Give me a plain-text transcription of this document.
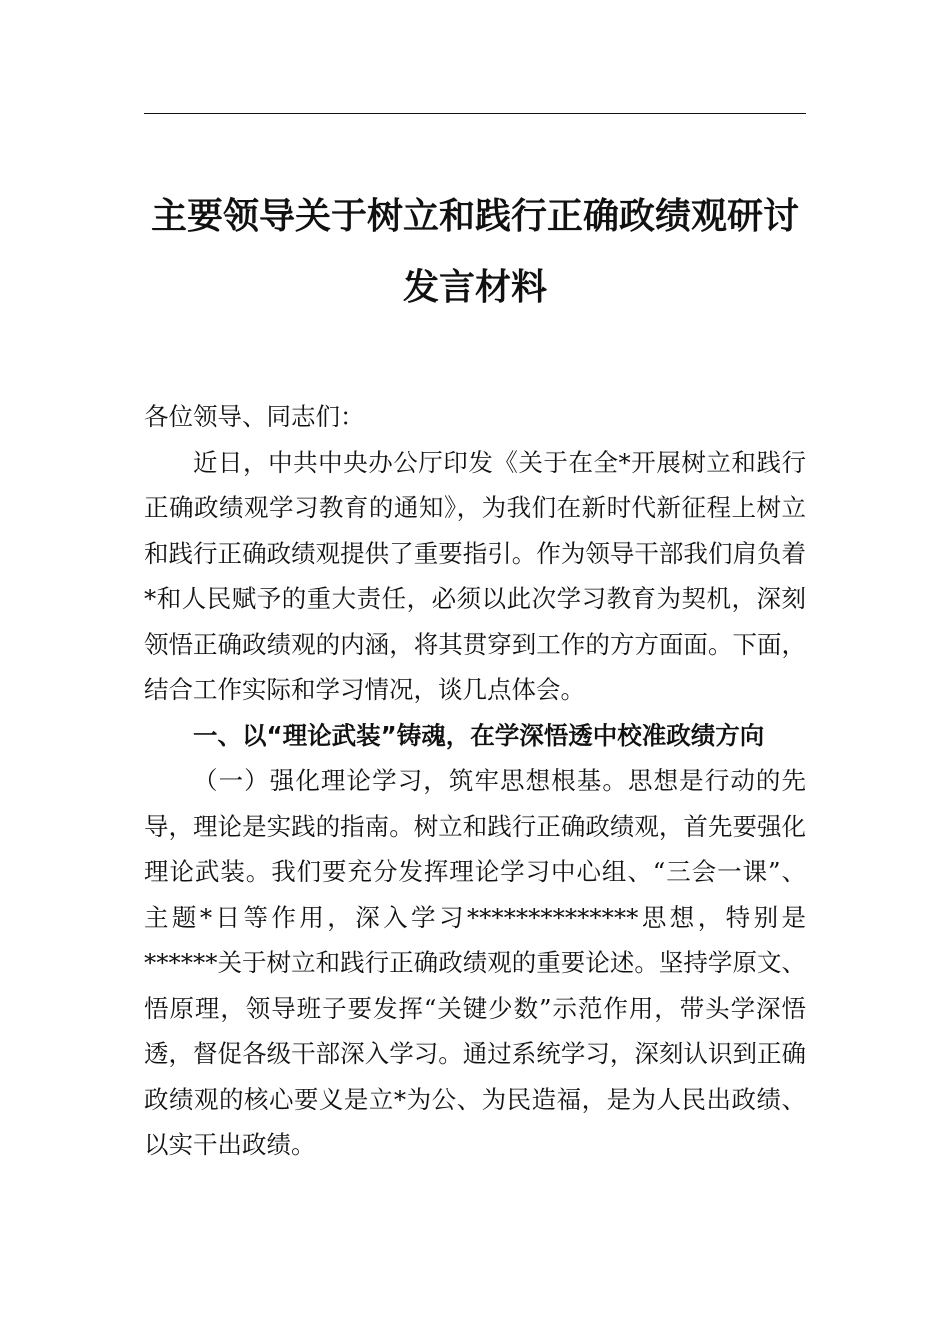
主要领导关于树立和践行正确政绩观研讨
发言材料

各位领导、同志们：

近日，中共中央办公厅印发《关于在全*开展树立和践行正确政绩观学习教育的通知》，为我们在新时代新征程上树立和践行正确政绩观提供了重要指引。作为领导干部我们肩负着*和人民赋予的重大责任，必须以此次学习教育为契机，深刻领悟正确政绩观的内涵，将其贯穿到工作的方方面面。下面，结合工作实际和学习情况，谈几点体会。

一、以“理论武装”铸魂，在学深悟透中校准政绩方向

（一）强化理论学习，筑牢思想根基。思想是行动的先导，理论是实践的指南。树立和践行正确政绩观，首先要强化理论武装。我们要充分发挥理论学习中心组、“三会一课”、主题*日等作用，深入学习**************思想，特别是******关于树立和践行正确政绩观的重要论述。坚持学原文、悟原理，领导班子要发挥“关键少数”示范作用，带头学深悟透，督促各级干部深入学习。通过系统学习，深刻认识到正确政绩观的核心要义是立*为公、为民造福，是为人民出政绩、以实干出政绩。
